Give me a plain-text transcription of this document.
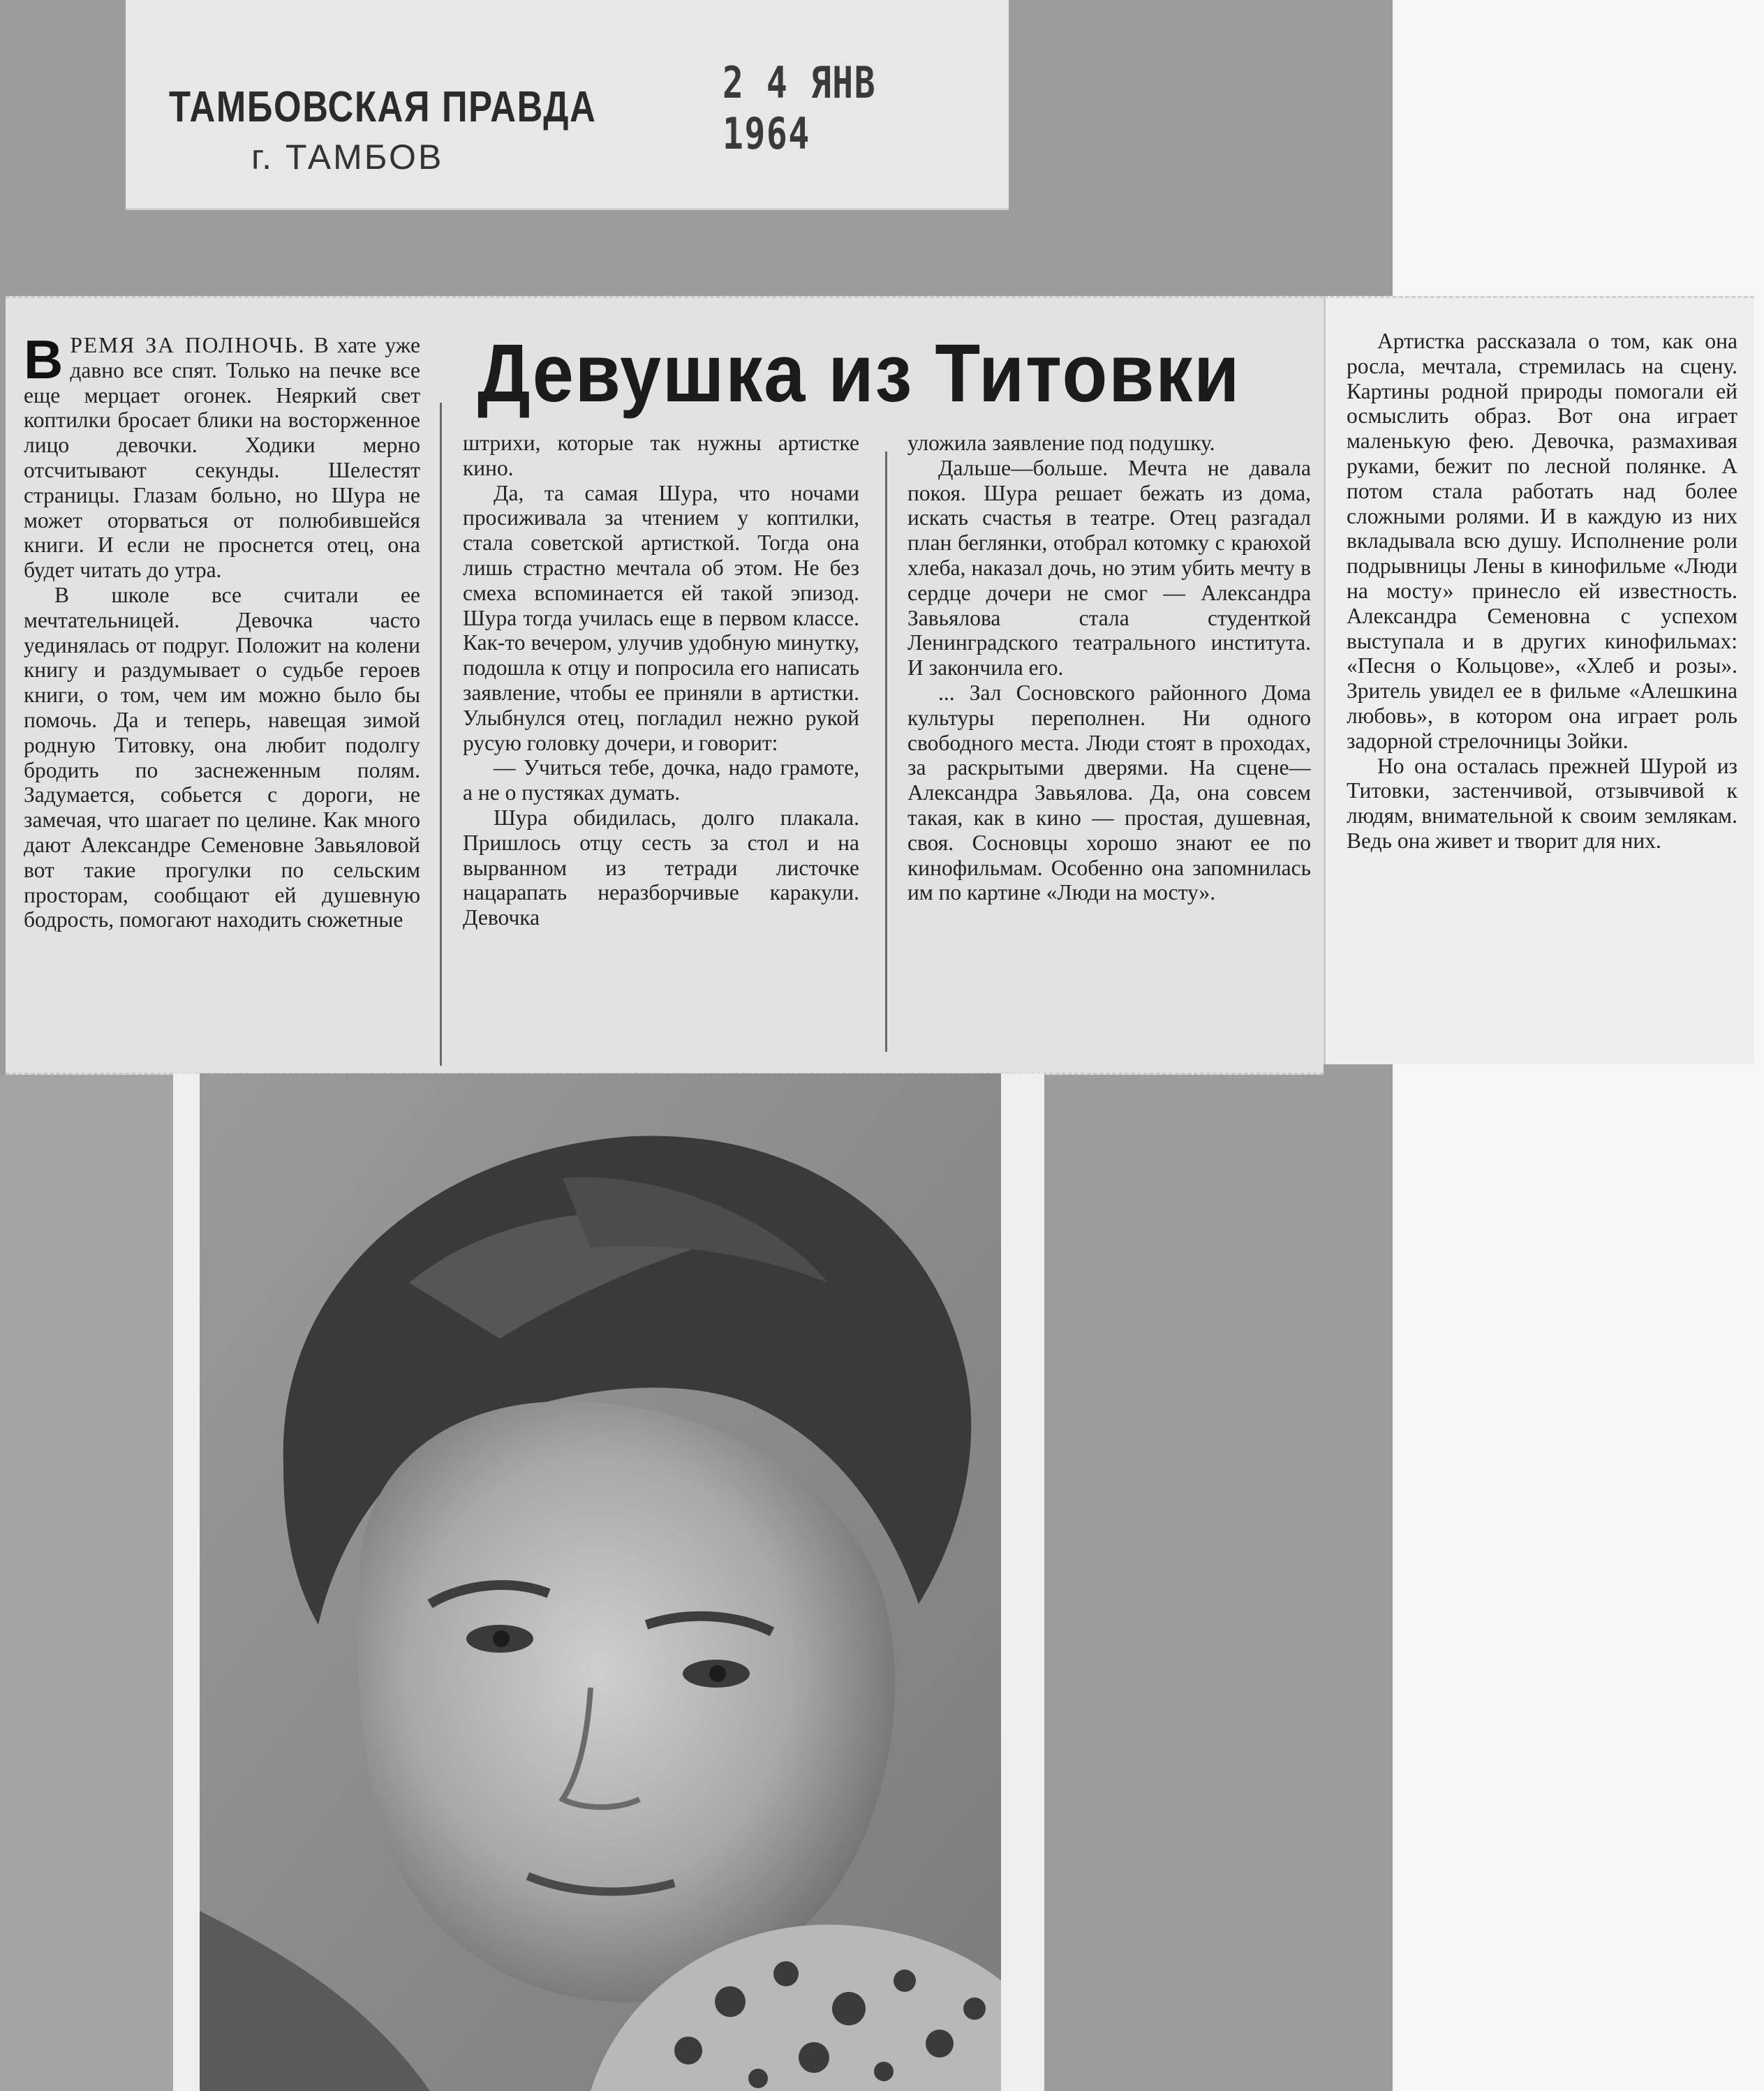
ТАМБОВСКАЯ ПРАВДА
г. ТАМБОВ
2 4 ЯНВ 1964
Девушка из Титовки

ВРЕМЯ ЗА ПОЛНОЧЬ. В хате уже давно все спят. Только на печке все еще мерцает огонек. Неяркий свет коптилки бросает блики на восторженное лицо девочки. Ходики мерно отсчитывают секунды. Шелестят страницы. Глазам больно, но Шура не может оторваться от полюбившейся книги. И если не проснется отец, она будет читать до утра.

В школе все считали ее мечтательницей. Девочка часто уединялась от подруг. Положит на колени книгу и раздумывает о судьбе героев книги, о том, чем им можно было бы помочь. Да и теперь, навещая зимой родную Титовку, она любит подолгу бродить по заснеженным полям. Задумается, собьется с дороги, не замечая, что шагает по целине. Как много дают Александре Семеновне Завьяловой вот такие прогулки по сельским просторам, сообщают ей душевную бодрость, помогают находить сюжетные

штрихи, которые так нужны артистке кино.

Да, та самая Шура, что ночами просиживала за чтением у коптилки, стала советской артисткой. Тогда она лишь страстно мечтала об этом. Не без смеха вспоминается ей такой эпизод. Шура тогда училась еще в первом классе. Как-то вечером, улучив удобную минутку, подошла к отцу и попросила его написать заявление, чтобы ее приняли в артистки. Улыбнулся отец, погладил нежно рукой русую головку дочери, и говорит:

— Учиться тебе, дочка, надо грамоте, а не о пустяках думать.

Шура обидилась, долго плакала. Пришлось отцу сесть за стол и на вырванном из тетради листочке нацарапать неразборчивые каракули. Девочка

уложила заявление под подушку.

Дальше—больше. Мечта не давала покоя. Шура решает бежать из дома, искать счастья в театре. Отец разгадал план беглянки, отобрал котомку с краюхой хлеба, наказал дочь, но этим убить мечту в сердце дочери не смог — Александра Завьялова стала студенткой Ленинградского театрального института. И закончила его.

... Зал Сосновского районного Дома культуры переполнен. Ни одного свободного места. Люди стоят в проходах, за раскрытыми дверями. На сцене—Александра Завьялова. Да, она совсем такая, как в кино — простая, душевная, своя. Сосновцы хорошо знают ее по кинофильмам. Особенно она запомнилась им по картине «Люди на мосту».

Артистка рассказала о том, как она росла, мечтала, стремилась на сцену. Картины родной природы помогали ей осмыслить образ. Вот она играет маленькую фею. Девочка, размахивая руками, бежит по лесной полянке. А потом стала работать над более сложными ролями. И в каждую из них вкладывала всю душу. Исполнение роли подрывницы Лены в кинофильме «Люди на мосту» принесло ей известность. Александра Семеновна с успехом выступала и в других кинофильмах: «Песня о Кольцове», «Хлеб и розы». Зритель увидел ее в фильме «Алешкина любовь», в котором она играет роль задорной стрелочницы Зойки.

Но она осталась прежней Шурой из Титовки, застенчивой, отзывчивой к людям, внимательной к своим землякам. Ведь она живет и творит для них.
